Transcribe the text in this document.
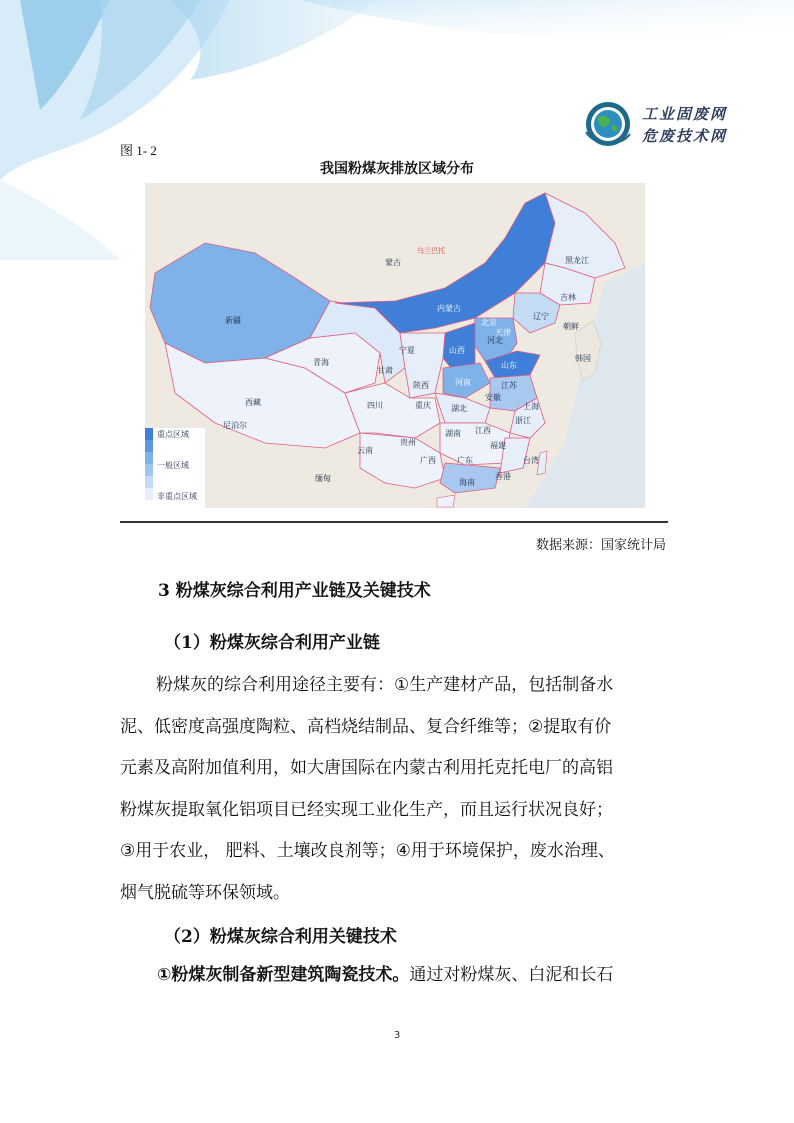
工业固废网
危废技术网
图 1- 2
我国粉煤灰排放区域分布
蒙古
乌兰巴托
黑龙江
吉林
辽宁
内蒙古
北京
天津
河北
山西
山东
宁夏
新疆
青海
甘肃
陕西	河南	江苏
安徽
上海
湖北
重庆
四川
西藏
浙江
湖南 江西
贵州	福建
云南
广西	广东	台湾
海南
香港
朝鲜
韩国
尼泊尔
缅甸
重点区域
一般区域
非重点区域
数据来源：国家统计局
3 粉煤灰综合利用产业链及关键技术
（1）粉煤灰综合利用产业链
粉煤灰的综合利用途径主要有：①生产建材产品，包括制备水
泥、低密度高强度陶粒、高档烧结制品、复合纤维等；②提取有价
元素及高附加值利用，如大唐国际在内蒙古利用托克托电厂的高铝
粉煤灰提取氧化铝项目已经实现工业化生产，而且运行状况良好；
③用于农业， 肥料、土壤改良剂等；④用于环境保护，废水治理、
烟气脱硫等环保领域。
（2）粉煤灰综合利用关键技术
①粉煤灰制备新型建筑陶瓷技术。通过对粉煤灰、白泥和长石
3
